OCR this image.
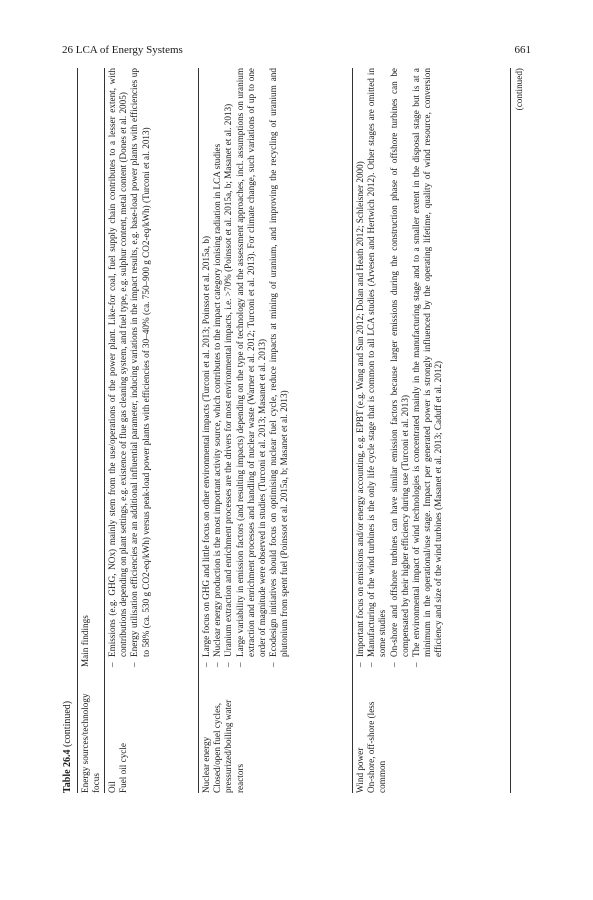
26 LCA of Energy Systems	661
Table 26.4 (continued) Energy sources/technology focus
Main findings

Oil Fuel oil cycle

–
Emissions (e.g. GHG, NOx) mainly stem from the use/operations of the power plant. Like-for coal, fuel supply chain contributes to a lesser extent, with contributions depending on plant settings, e.g. existence of flue gas cleaning system, and fuel type, e.g. sulphur content, metal content (Dones et al. 2005)
–
Energy utilisation efficiencies are an additional influential parameter, inducing variations in the impact results, e.g. base-load power plants with efficiencies up to 58% (ca. 530 g CO2-eq/kWh) versus peak-load power plants with efficiencies of 30–40% (ca. 750–900 g CO2-eq/kWh) (Turconi et al. 2013)

Nuclear energy Closed/open fuel cycles, pressurized/boiling water reactors

–
Large focus on GHG and little focus on other environmental impacts (Turconi et al. 2013; Poinssot et al. 2015a, b)
–
Nuclear energy production is the most important activity source, which contributes to the impact category ionising radiation in LCA studies
–
Uranium extraction and enrichment processes are the drivers for most environmental impacts, i.e. >70% (Poinssot et al. 2015a, b; Masanet et al. 2013)
–
Large variability in emission factors (and resulting impacts) depending on the type of technology and the assessment approaches, incl. assumptions on uranium extraction and enrichment processes and handling of nuclear waste (Warner et al. 2012; Turconi et al. 2013). For climate change, such variations of up to one order of magnitude were observed in studies (Turconi et al. 2013; Masanet et al. 2013)
–
Ecodesign initiatives should focus on optimising nuclear fuel cycle, reduce impacts at mining of uranium, and improving the recycling of uranium and plutonium from spent fuel (Poinssot et al. 2015a, b; Masanet et al. 2013)

Wind power On-shore, off-shore (less common

–
Important focus on emissions and/or energy accounting, e.g. EPBT (e.g. Wang and Sun 2012; Dolan and Heath 2012; Schleisner 2000)
–
Manufacturing of the wind turbines is the only life cycle stage that is common to all LCA studies (Arvesen and Hertwich 2012). Other stages are omitted in some studies
–
On-shore and offshore turbines can have similar emission factors because larger emissions during the construction phase of offshore turbines can be compensated by their higher efficiency during use (Turconi et al. 2013)
–
The environmental impact of wind technologies is concentrated mainly in the manufacturing stage and to a smaller extent in the disposal stage but is at a minimum in the operational/use stage. Impact per generated power is strongly influenced by the operating lifetime, quality of wind resource, conversion efficiency and size of the wind turbines (Masanet et al. 2013; Caduff et al. 2012)
(continued)
